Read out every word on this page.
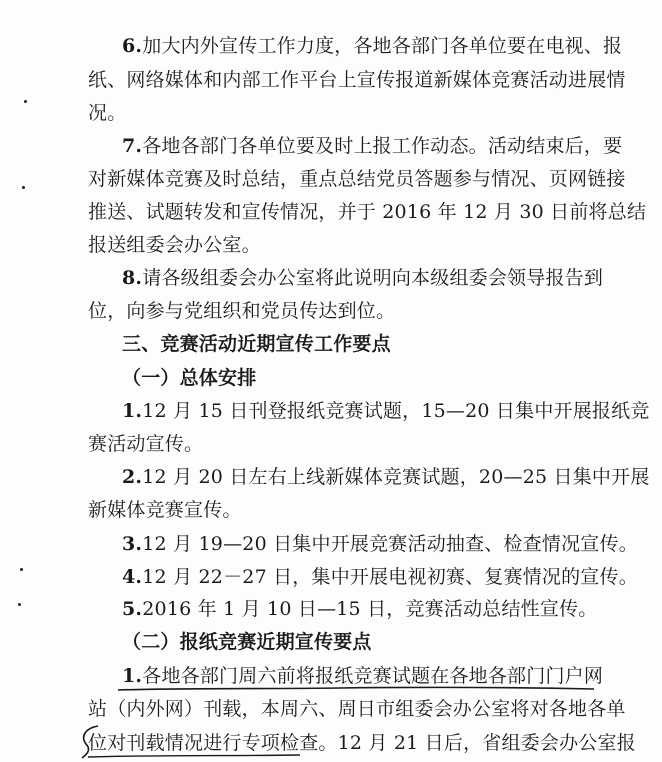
6.加大内外宣传工作力度，各地各部门各单位要在电视、报
纸、网络媒体和内部工作平台上宣传报道新媒体竞赛活动进展情
况。
7.各地各部门各单位要及时上报工作动态。活动结束后，要
对新媒体竞赛及时总结，重点总结党员答题参与情况、页网链接
推送、试题转发和宣传情况，并于 2016 年 12 月 30 日前将总结
报送组委会办公室。
8.请各级组委会办公室将此说明向本级组委会领导报告到
位，向参与党组织和党员传达到位。
三、竞赛活动近期宣传工作要点
（一）总体安排
1.12 月 15 日刊登报纸竞赛试题，15—20 日集中开展报纸竞
赛活动宣传。
2.12 月 20 日左右上线新媒体竞赛试题，20—25 日集中开展
新媒体竞赛宣传。
3.12 月 19—20 日集中开展竞赛活动抽查、检查情况宣传。
4.12 月 22－27 日，集中开展电视初赛、复赛情况的宣传。
5.2016 年 1 月 10 日—15 日，竞赛活动总结性宣传。
（二）报纸竞赛近期宣传要点
1.各地各部门周六前将报纸竞赛试题在各地各部门门户网
站（内外网）刊载，本周六、周日市组委会办公室将对各地各单
位对刊载情况进行专项检查。12 月 21 日后，省组委会办公室报
